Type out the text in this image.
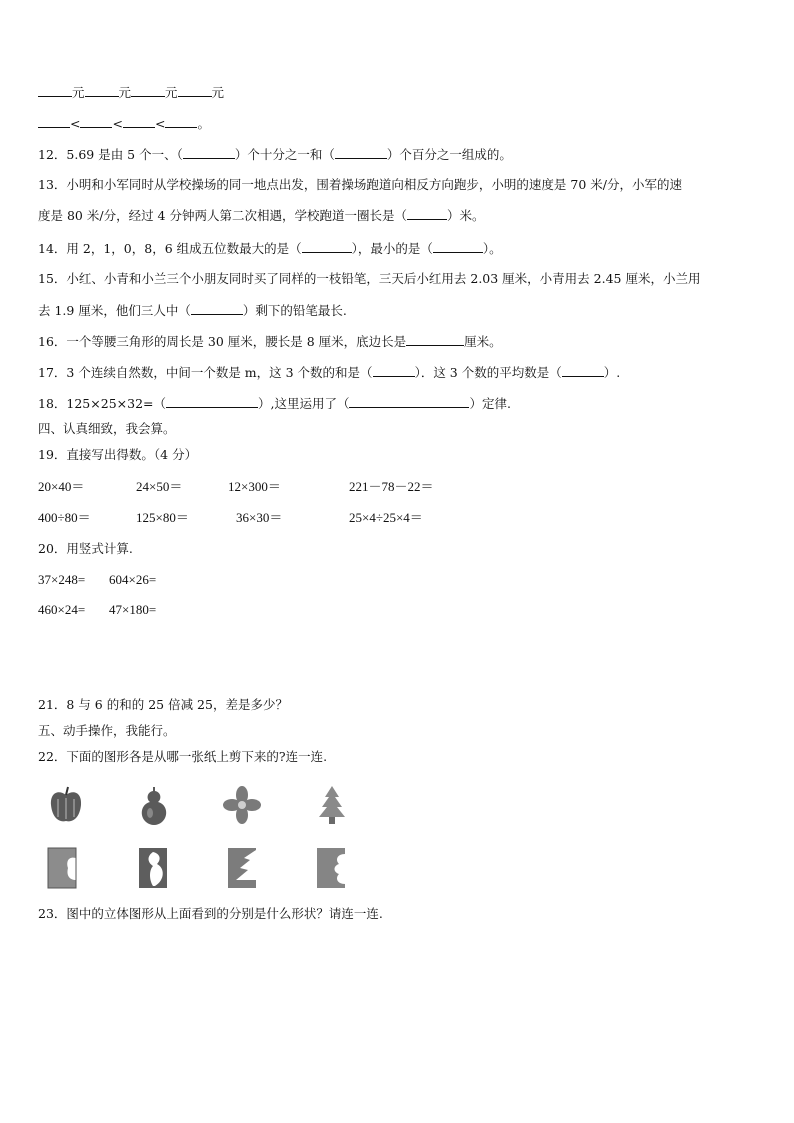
元	元	元	元
<	<	<	。
12．5.69 是由 5 个一、（	）个十分之一和（	）个百分之一组成的。
13．小明和小军同时从学校操场的同一地点出发，围着操场跑道向相反方向跑步，小明的速度是 70 米/分，小军的速
度是 80 米/分，经过 4 分钟两人第二次相遇，学校跑道一圈长是（	）米。
14．用 2，1，0，8，6 组成五位数最大的是（	），最小的是（	）。
15．小红、小青和小兰三个小朋友同时买了同样的一枝铅笔，三天后小红用去 2.03 厘米，小青用去 2.45 厘米，小兰用
去 1.9 厘米，他们三人中（	）剩下的铅笔最长.
16．一个等腰三角形的周长是 30 厘米，腰长是 8 厘米，底边长是	厘米。
17．3 个连续自然数，中间一个数是 m，这 3 个数的和是（	）．这 3 个数的平均数是（	）.
18．125×25×32=（	）,这里运用了（	）定律.
四、认真细致，我会算。
19．直接写出得数。（4 分）
20×40＝	24×50＝	12×300＝	221－78－22＝
400÷80＝	125×80＝	36×30＝	25×4÷25×4＝
20．用竖式计算.
37×248= 604×26=
460×24= 47×180=
21．8 与 6 的和的 25 倍减 25，差是多少？
五、动手操作，我能行。
22．下面的图形各是从哪一张纸上剪下来的?连一连.
23．图中的立体图形从上面看到的分别是什么形状？请连一连.
